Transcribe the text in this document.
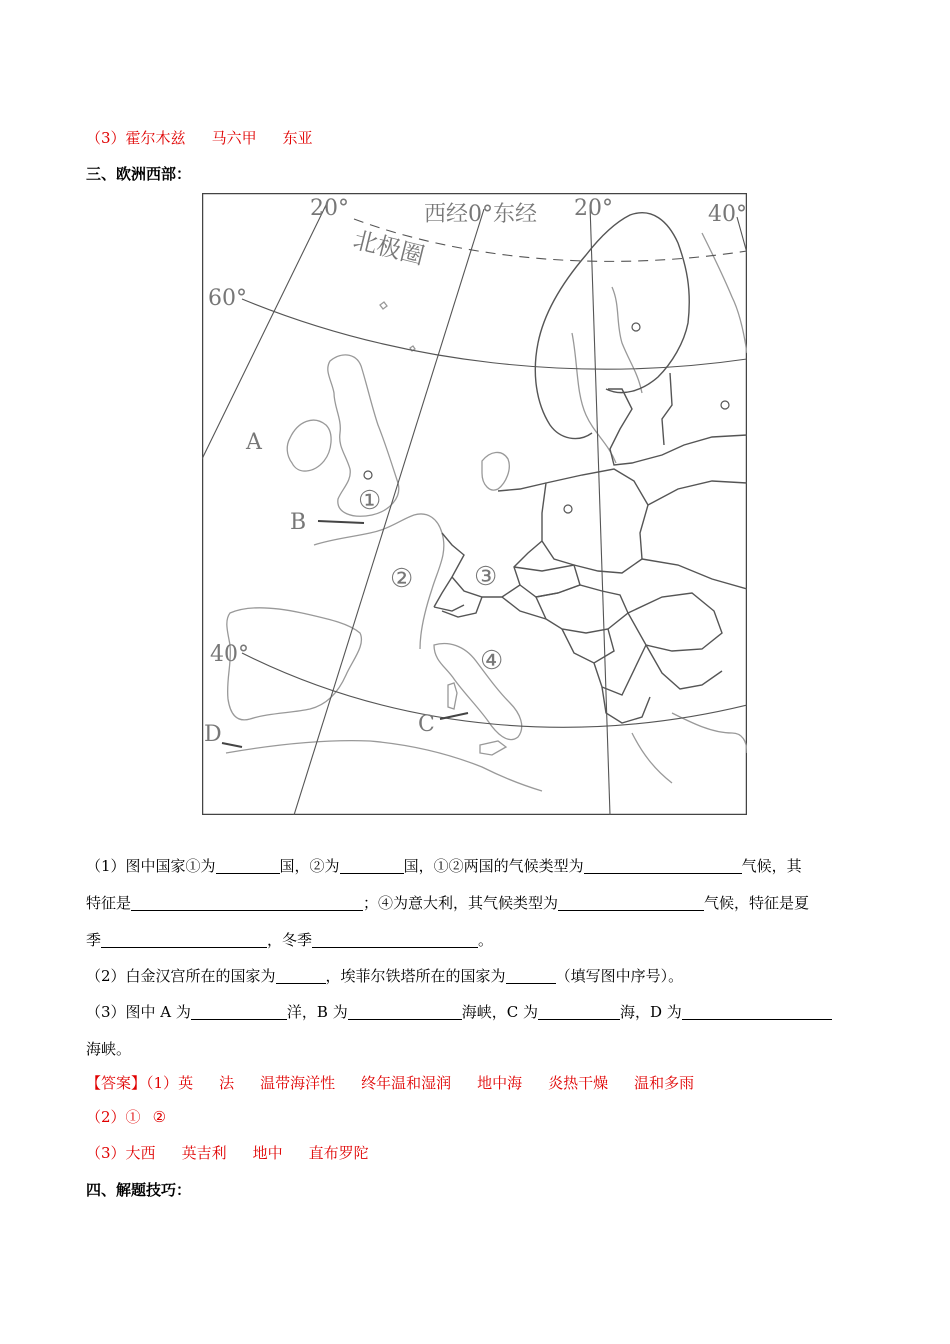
（3）霍尔木兹 马六甲 东亚
三、欧洲西部：
20°	西经0°东经 20°	40°
60°
40°
北极圈
A
B
C
D
①
② ③
④
（1）图中国家①为	国，②为	国，①②两国的气候类型为	气候，其
特征是	；④为意大利，其气候类型为	气候，特征是夏
季	，冬季	。
（2）白金汉宫所在的国家为	，埃菲尔铁塔所在的国家为	（填写图中序号）。
（3）图中 A 为	洋，B 为	海峡，C 为	海，D 为
海峡。
【答案】（1）英 法 温带海洋性 终年温和湿润 地中海 炎热干燥 温和多雨
（2）① ②
（3）大西 英吉利 地中 直布罗陀
四、解题技巧：
